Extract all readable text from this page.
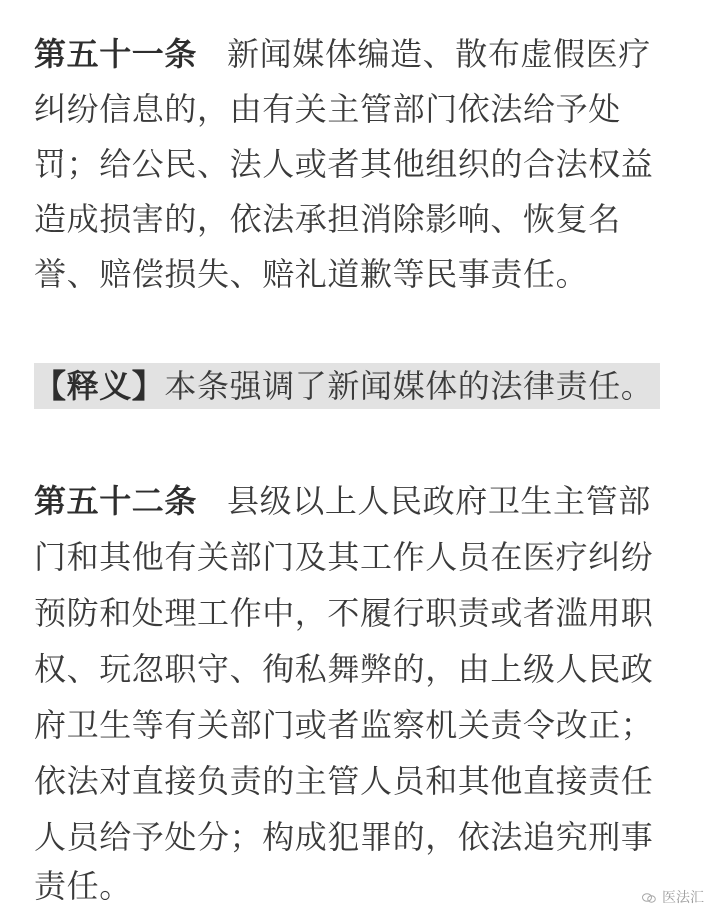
第五十一条 新闻媒体编造、散布虚假医疗
纠纷信息的，由有关主管部门依法给予处
罚；给公民、法人或者其他组织的合法权益
造成损害的，依法承担消除影响、恢复名
誉、赔偿损失、赔礼道歉等民事责任。
【释义】本条强调了新闻媒体的法律责任。
第五十二条 县级以上人民政府卫生主管部
门和其他有关部门及其工作人员在医疗纠纷
预防和处理工作中，不履行职责或者滥用职
权、玩忽职守、徇私舞弊的，由上级人民政
府卫生等有关部门或者监察机关责令改正；
依法对直接负责的主管人员和其他直接责任
人员给予处分；构成犯罪的，依法追究刑事
责任。	医法汇
